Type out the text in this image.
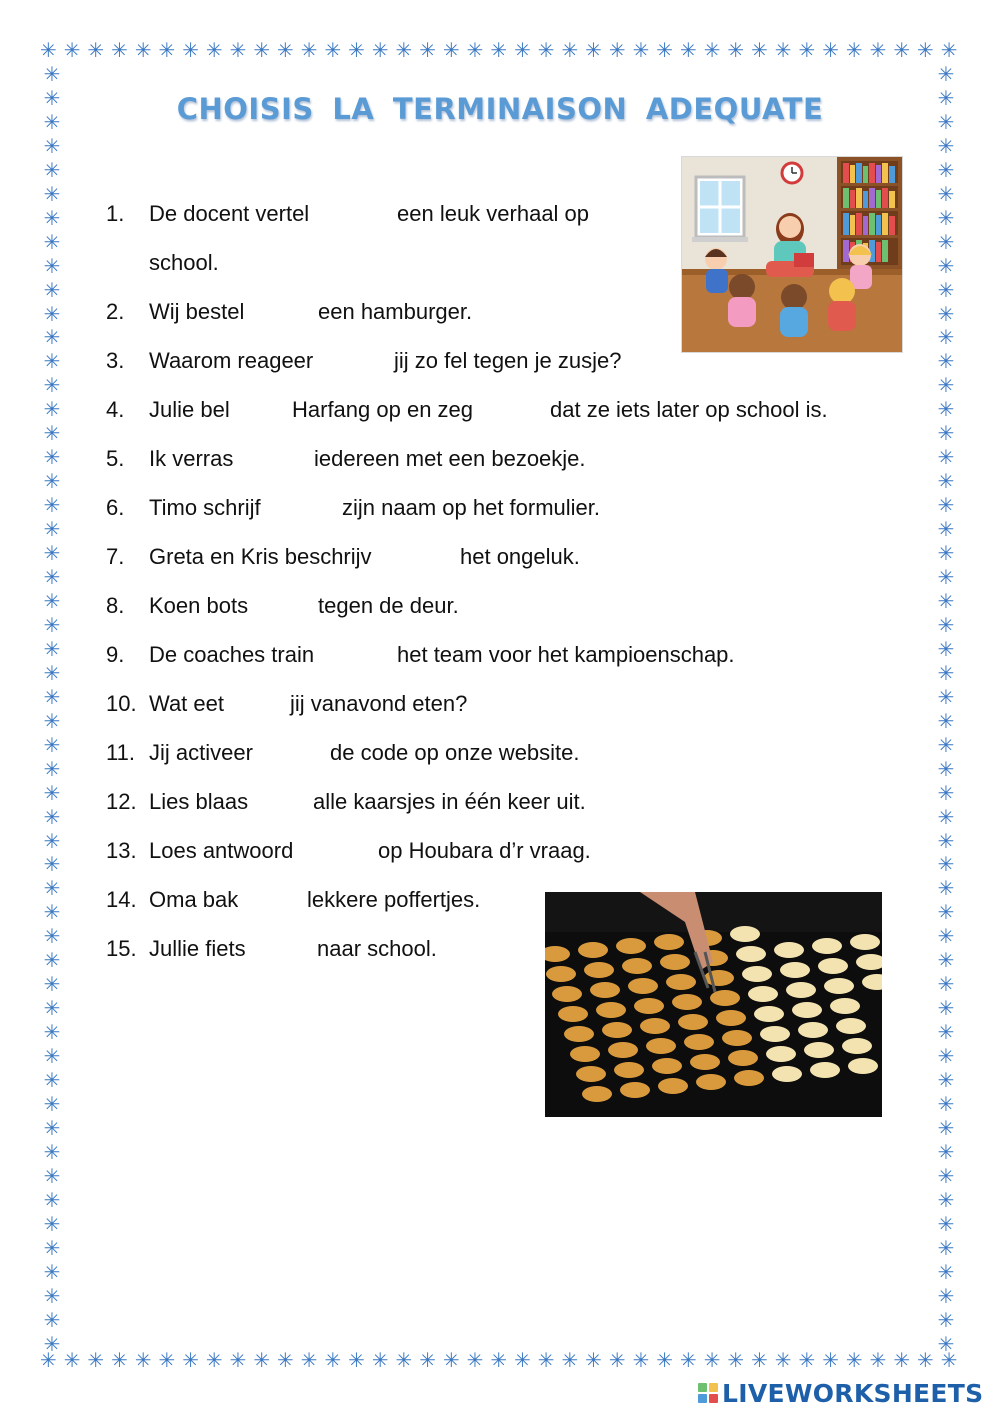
✳ ✳ ✳ ✳ ✳ ✳ ✳ ✳ ✳ ✳ ✳ ✳ ✳ ✳ ✳ ✳ ✳ ✳ ✳ ✳ ✳ ✳ ✳ ✳ ✳ ✳ ✳ ✳ ✳ ✳ ✳ ✳ ✳ ✳ ✳ ✳ ✳ ✳ ✳
✳ ✳ ✳ ✳ ✳ ✳ ✳ ✳ ✳ ✳ ✳ ✳ ✳ ✳ ✳ ✳ ✳ ✳ ✳ ✳ ✳ ✳ ✳ ✳ ✳ ✳ ✳ ✳ ✳ ✳ ✳ ✳ ✳ ✳ ✳ ✳ ✳ ✳ ✳
✳
✳
✳
✳
✳
✳
✳
✳
✳
✳
✳
✳
✳
✳
✳
✳
✳
✳
✳
✳
✳
✳
✳
✳
✳
✳
✳
✳
✳
✳
✳
✳
✳
✳
✳
✳
✳
✳
✳
✳
✳
✳
✳
✳
✳
✳
✳
✳
✳
✳
✳
✳
✳
✳
✳
✳
✳
✳
✳
✳
✳
✳
✳
✳
✳
✳
✳
✳
✳
✳
✳
✳
✳
✳
✳
✳
✳
✳
✳
✳
✳
✳
✳
✳
✳
✳
✳
✳
✳
✳
✳
✳
✳
✳
✳
✳
✳
✳
✳
✳
✳
✳
✳
✳
✳
✳
✳
✳
CHOISIS LA TERMINAISON ADEQUATE
1. De docent vertel	een leuk verhaal op
school.
2. Wij bestel	een hamburger.
3. Waarom reageer	jij zo fel tegen je zusje?
4. Julie bel	Harfang op en zeg	dat ze iets later op school is.
5. Ik verras	iedereen met een bezoekje.
6. Timo schrijf	zijn naam op het formulier.
7. Greta en Kris beschrijv	het ongeluk.
8. Koen bots	tegen de deur.
9. De coaches train	het team voor het kampioenschap.
10. Wat eet	jij vanavond eten?
11. Jij activeer	de code op onze website.
12. Lies blaas	alle kaarsjes in één keer uit.
13. Loes antwoord	op Houbara d’r vraag.
14. Oma bak	lekkere poffertjes.
15. Jullie fiets	naar school.
LIVEWORKSHEETS
